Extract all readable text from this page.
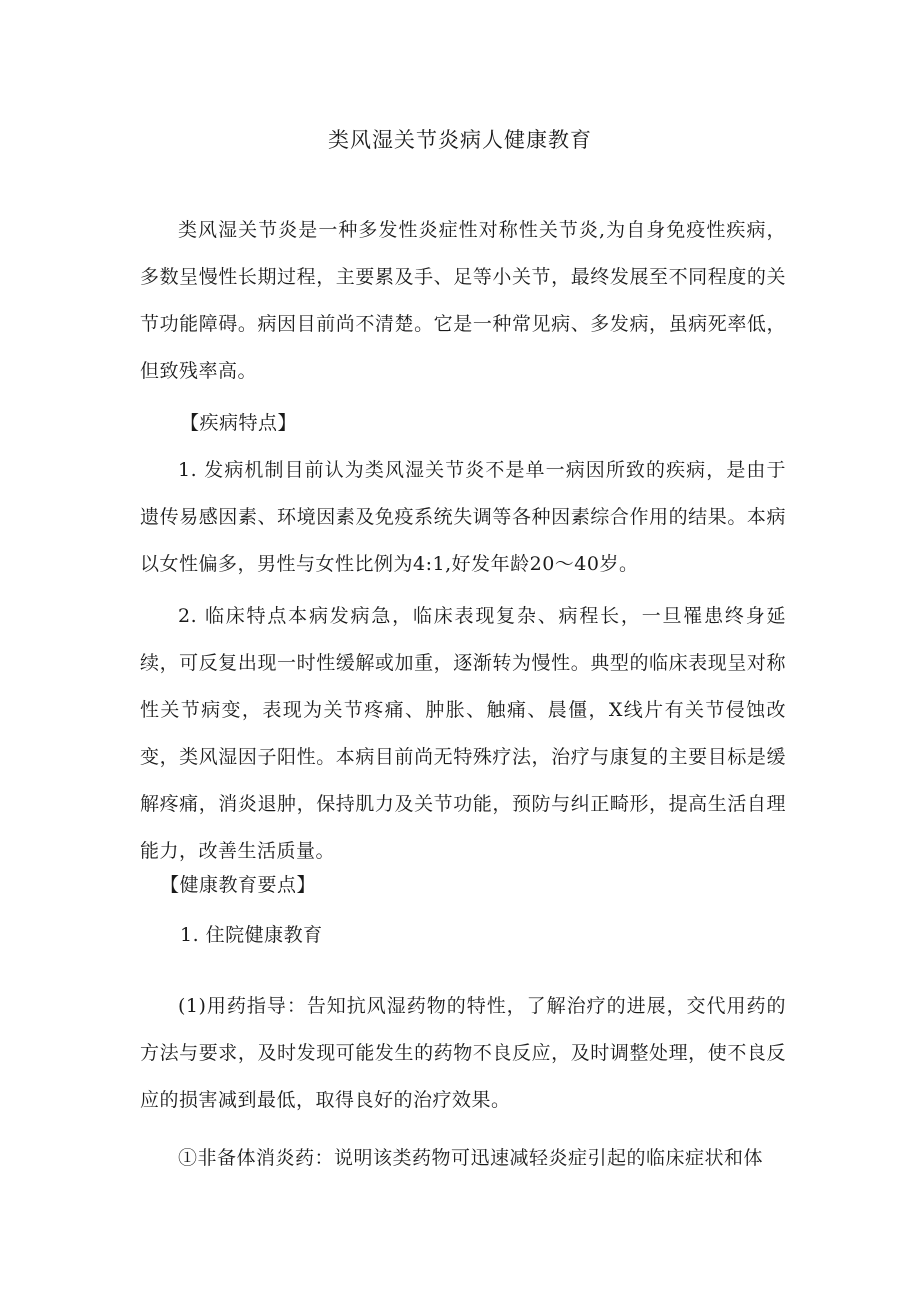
类风湿关节炎病人健康教育

类风湿关节炎是一种多发性炎症性对称性关节炎,为自身免疫性疾病，多数呈慢性长期过程，主要累及手、足等小关节，最终发展至不同程度的关节功能障碍。病因目前尚不清楚。它是一种常见病、多发病，虽病死率低，但致残率高。

【疾病特点】

1. 发病机制目前认为类风湿关节炎不是单一病因所致的疾病，是由于遗传易感因素、环境因素及免疫系统失调等各种因素综合作用的结果。本病以女性偏多，男性与女性比例为4:1,好发年龄20～40岁。

2. 临床特点本病发病急，临床表现复杂、病程长，一旦罹患终身延续，可反复出现一时性缓解或加重，逐渐转为慢性。典型的临床表现呈对称性关节病变，表现为关节疼痛、肿胀、触痛、晨僵，X线片有关节侵蚀改变，类风湿因子阳性。本病目前尚无特殊疗法，治疗与康复的主要目标是缓解疼痛，消炎退肿，保持肌力及关节功能，预防与纠正畸形，提高生活自理能力，改善生活质量。

【健康教育要点】

1. 住院健康教育

(1)用药指导：告知抗风湿药物的特性，了解治疗的进展，交代用药的方法与要求，及时发现可能发生的药物不良反应，及时调整处理，使不良反应的损害减到最低，取得良好的治疗效果。

①非备体消炎药：说明该类药物可迅速减轻炎症引起的临床症状和体
